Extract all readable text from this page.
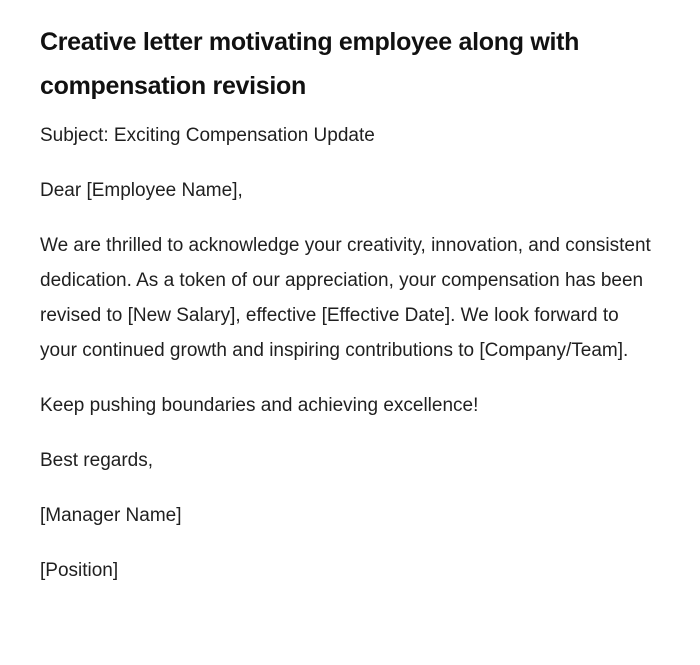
Creative letter motivating employee along with compensation revision

Subject: Exciting Compensation Update

Dear [Employee Name],

We are thrilled to acknowledge your creativity, innovation, and consistent dedication. As a token of our appreciation, your compensation has been revised to [New Salary], effective [Effective Date]. We look forward to your continued growth and inspiring contributions to [Company/Team].

Keep pushing boundaries and achieving excellence!

Best regards,

[Manager Name]

[Position]
